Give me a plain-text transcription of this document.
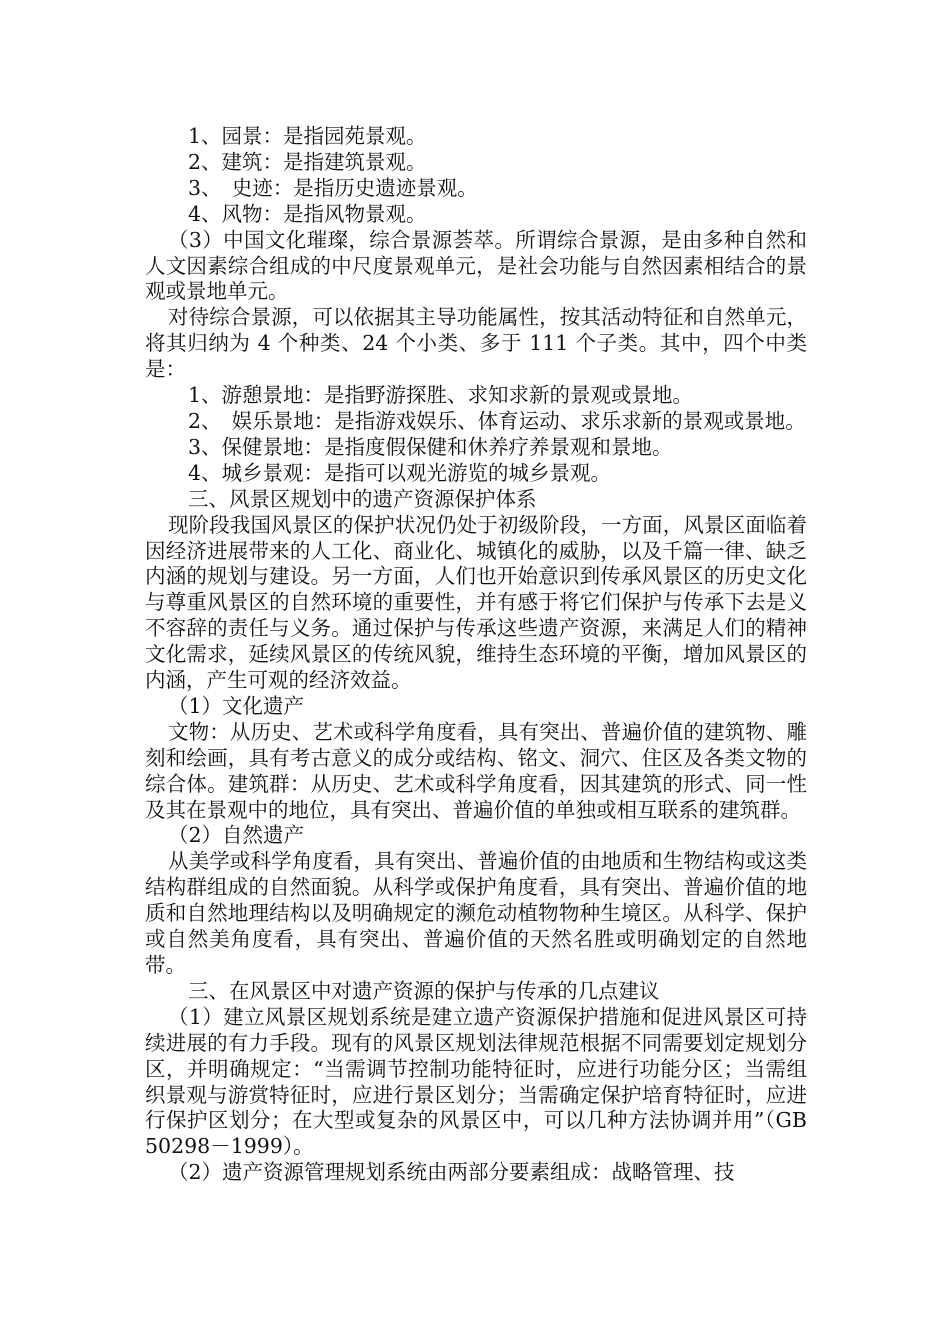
1、园景：是指园苑景观。

2、建筑：是指建筑景观。

3、　史迹：是指历史遗迹景观。

4、风物：是指风物景观。

（3）中国文化璀璨，综合景源荟萃。所谓综合景源，是由多种自然和人文因素综合组成的中尺度景观单元，是社会功能与自然因素相结合的景观或景地单元。

对待综合景源，可以依据其主导功能属性，按其活动特征和自然单元，将其归纳为 4 个种类、24 个小类、多于 111 个子类。其中，四个中类是：

1、游憩景地：是指野游探胜、求知求新的景观或景地。

2、　娱乐景地：是指游戏娱乐、体育运动、求乐求新的景观或景地。

3、保健景地：是指度假保健和休养疗养景观和景地。

4、城乡景观：是指可以观光游览的城乡景观。

三、风景区规划中的遗产资源保护体系

现阶段我国风景区的保护状况仍处于初级阶段，一方面，风景区面临着因经济进展带来的人工化、商业化、城镇化的威胁，以及千篇一律、缺乏内涵的规划与建设。另一方面，人们也开始意识到传承风景区的历史文化与尊重风景区的自然环境的重要性，并有感于将它们保护与传承下去是义不容辞的责任与义务。通过保护与传承这些遗产资源，来满足人们的精神文化需求，延续风景区的传统风貌，维持生态环境的平衡，增加风景区的内涵，产生可观的经济效益。

（1）文化遗产

文物：从历史、艺术或科学角度看，具有突出、普遍价值的建筑物、雕刻和绘画，具有考古意义的成分或结构、铭文、洞穴、住区及各类文物的综合体。建筑群：从历史、艺术或科学角度看，因其建筑的形式、同一性及其在景观中的地位，具有突出、普遍价值的单独或相互联系的建筑群。

（2）自然遗产

从美学或科学角度看，具有突出、普遍价值的由地质和生物结构或这类结构群组成的自然面貌。从科学或保护角度看，具有突出、普遍价值的地质和自然地理结构以及明确规定的濒危动植物物种生境区。从科学、保护或自然美角度看，具有突出、普遍价值的天然名胜或明确划定的自然地带。

三、在风景区中对遗产资源的保护与传承的几点建议

（1）建立风景区规划系统是建立遗产资源保护措施和促进风景区可持续进展的有力手段。现有的风景区规划法律规范根据不同需要划定规划分区，并明确规定：“当需调节控制功能特征时，应进行功能分区；当需组织景观与游赏特征时，应进行景区划分；当需确定保护培育特征时，应进行保护区划分；在大型或复杂的风景区中，可以几种方法协调并用”（GB 50298－1999）。

（2）遗产资源管理规划系统由两部分要素组成：战略管理、技
